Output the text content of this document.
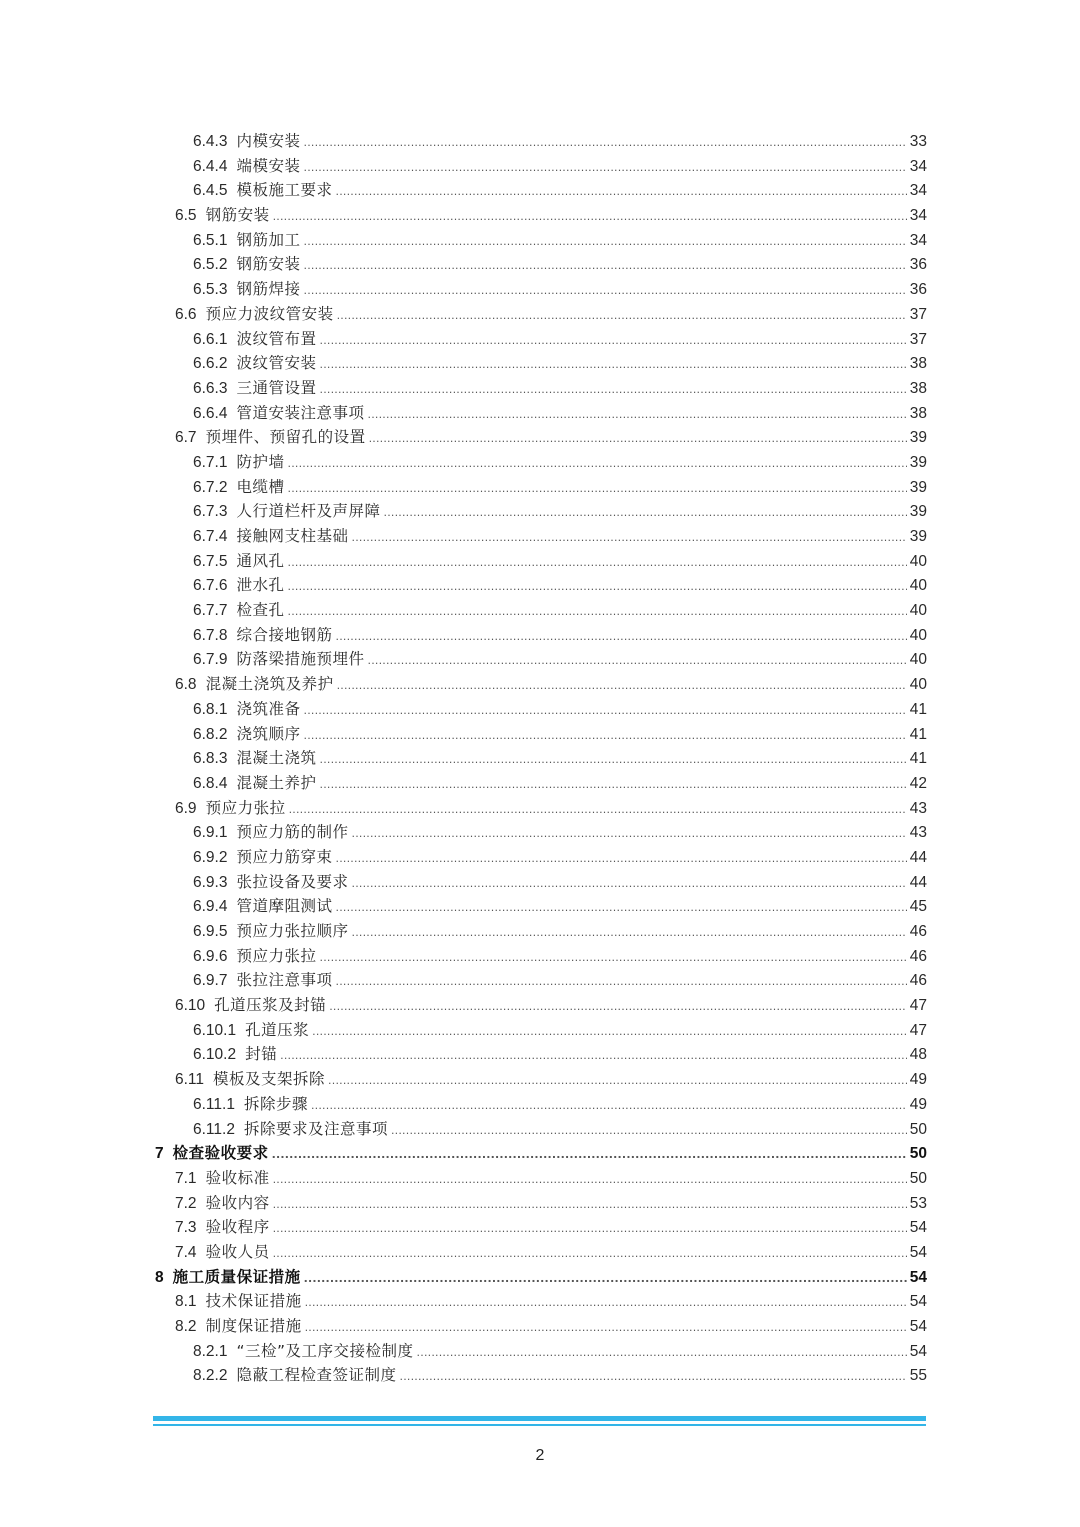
6.4.3 内模安装 .....	33
6.4.4 端模安装 .....	34
6.4.5 模板施工要求 .....	34
6.5 钢筋安装 .....	34
6.5.1 钢筋加工 .....	34
6.5.2 钢筋安装 .....	36
6.5.3 钢筋焊接 .....	36
6.6 预应力波纹管安装 .....	37
6.6.1 波纹管布置 .....	37
6.6.2 波纹管安装 .....	38
6.6.3 三通管设置 .....	38
6.6.4 管道安装注意事项 .....	38
6.7 预埋件、预留孔的设置 .....	39
6.7.1 防护墙 .....	39
6.7.2 电缆槽 .....	39
6.7.3 人行道栏杆及声屏障 .....	39
6.7.4 接触网支柱基础 .....	39
6.7.5 通风孔 .....	40
6.7.6 泄水孔 .....	40
6.7.7 检查孔 .....	40
6.7.8 综合接地钢筋 .....	40
6.7.9 防落梁措施预埋件 .....	40
6.8 混凝土浇筑及养护 .....	40
6.8.1 浇筑准备 .....	41
6.8.2 浇筑顺序 .....	41
6.8.3 混凝土浇筑 .....	41
6.8.4 混凝土养护 .....	42
6.9 预应力张拉 .....	43
6.9.1 预应力筋的制作 .....	43
6.9.2 预应力筋穿束 .....	44
6.9.3 张拉设备及要求 .....	44
6.9.4 管道摩阻测试 .....	45
6.9.5 预应力张拉顺序 .....	46
6.9.6 预应力张拉 .....	46
6.9.7 张拉注意事项 .....	46
6.10 孔道压浆及封锚 .....	47
6.10.1 孔道压浆 .....	47
6.10.2 封锚 .....	48
6.11 模板及支架拆除 .....	49
6.11.1 拆除步骤 .....	49
6.11.2 拆除要求及注意事项 .....	50
7 检查验收要求 .....	50
7.1 验收标准 .....	50
7.2 验收内容 .....	53
7.3 验收程序 .....	54
7.4 验收人员 .....	54
8 施工质量保证措施 .....	54
8.1 技术保证措施 .....	54
8.2 制度保证措施 .....	54
8.2.1 “三检”及工序交接检制度 .....	54
8.2.2 隐蔽工程检查签证制度 .....	55
2
